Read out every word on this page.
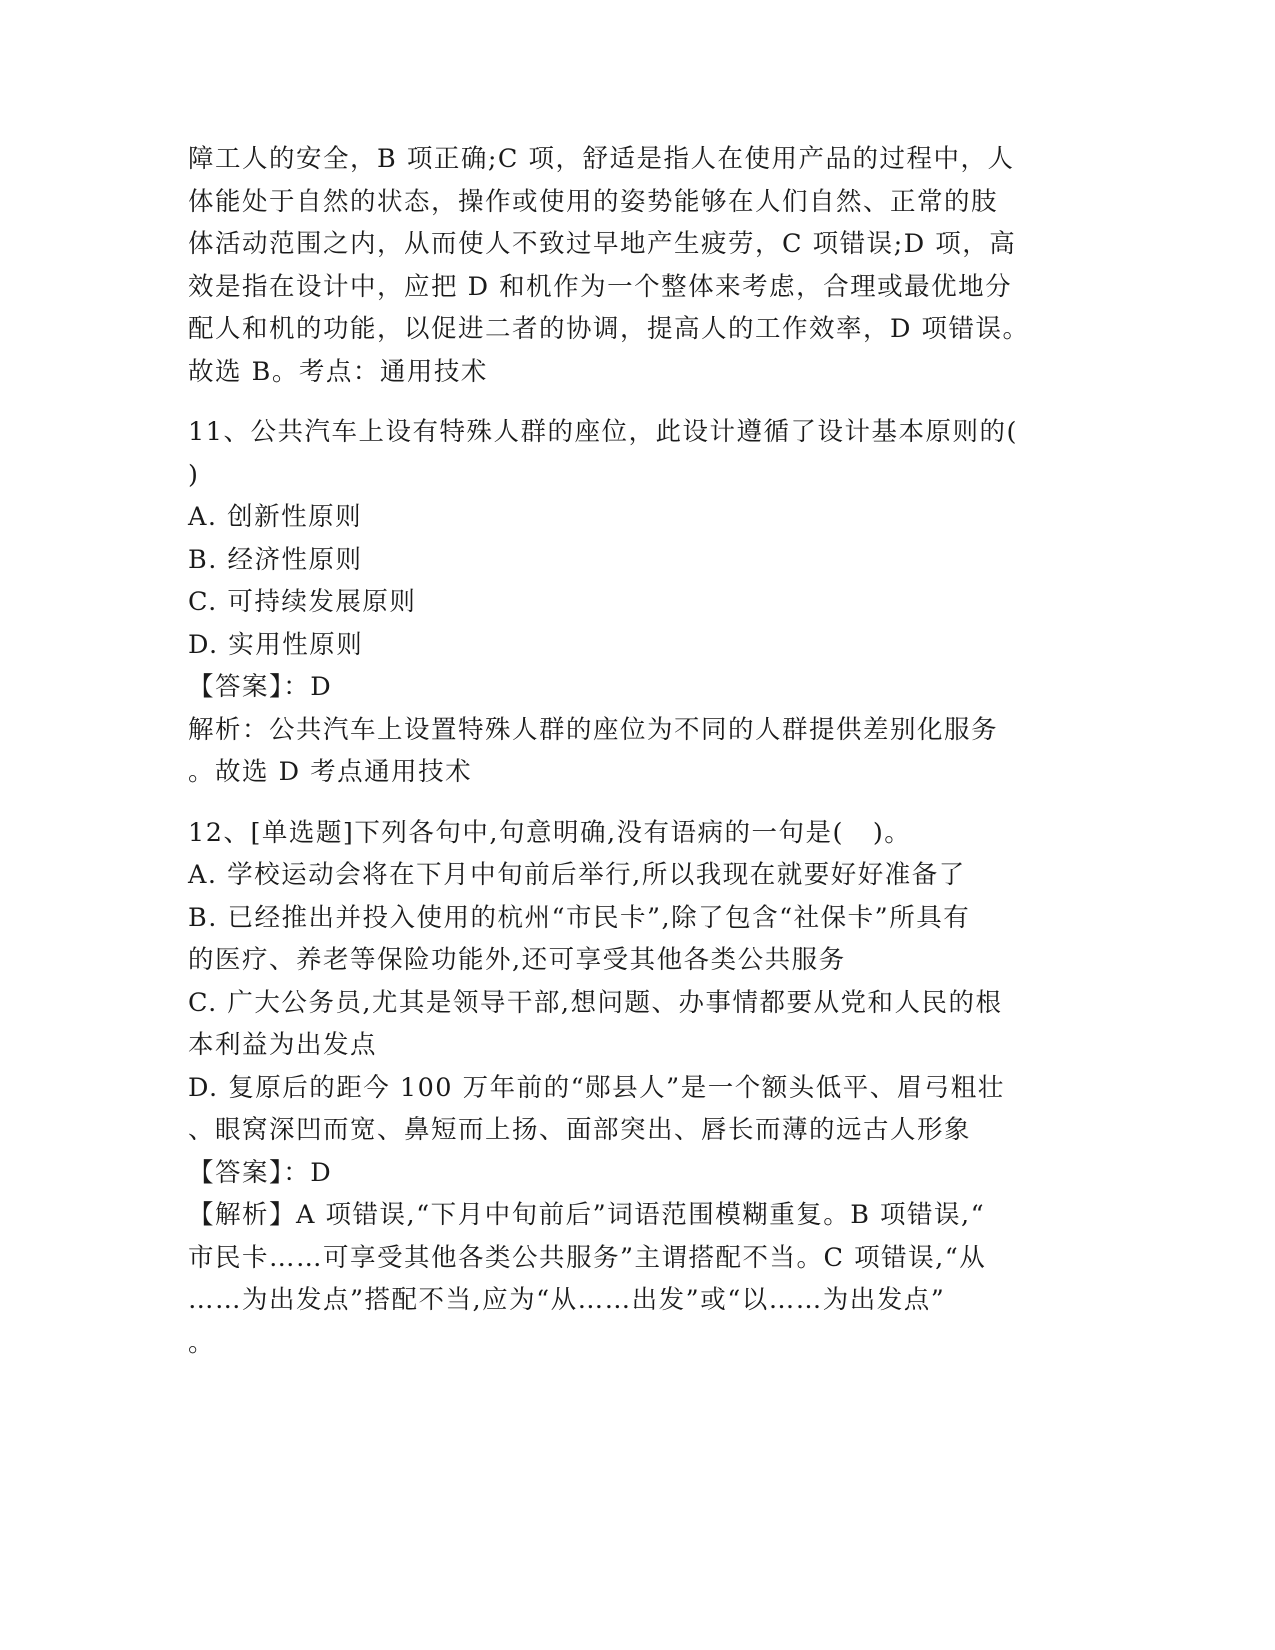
障工人的安全，B 项正确;C 项，舒适是指人在使用产品的过程中，人
体能处于自然的状态，操作或使用的姿势能够在人们自然、正常的肢
体活动范围之内，从而使人不致过早地产生疲劳，C 项错误;D 项，高
效是指在设计中，应把 D 和机作为一个整体来考虑，合理或最优地分
配人和机的功能，以促进二者的协调，提高人的工作效率，D 项错误。
故选 B。考点：通用技术
11、公共汽车上设有特殊人群的座位，此设计遵循了设计基本原则的(
)
A. 创新性原则
B. 经济性原则
C. 可持续发展原则
D. 实用性原则
【答案】：D
解析：公共汽车上设置特殊人群的座位为不同的人群提供差别化服务
。故选 D 考点通用技术
12、[单选题]下列各句中,句意明确,没有语病的一句是(   )。
A. 学校运动会将在下月中旬前后举行,所以我现在就要好好准备了
B. 已经推出并投入使用的杭州“市民卡”,除了包含“社保卡”所具有
的医疗、养老等保险功能外,还可享受其他各类公共服务
C. 广大公务员,尤其是领导干部,想问题、办事情都要从党和人民的根
本利益为出发点
D. 复原后的距今 100 万年前的“郧县人”是一个额头低平、眉弓粗壮
、眼窝深凹而宽、鼻短而上扬、面部突出、唇长而薄的远古人形象
【答案】：D
【解析】A 项错误,“下月中旬前后”词语范围模糊重复。B 项错误,“
市民卡……可享受其他各类公共服务”主谓搭配不当。C 项错误,“从
……为出发点”搭配不当,应为“从……出发”或“以……为出发点”
。
